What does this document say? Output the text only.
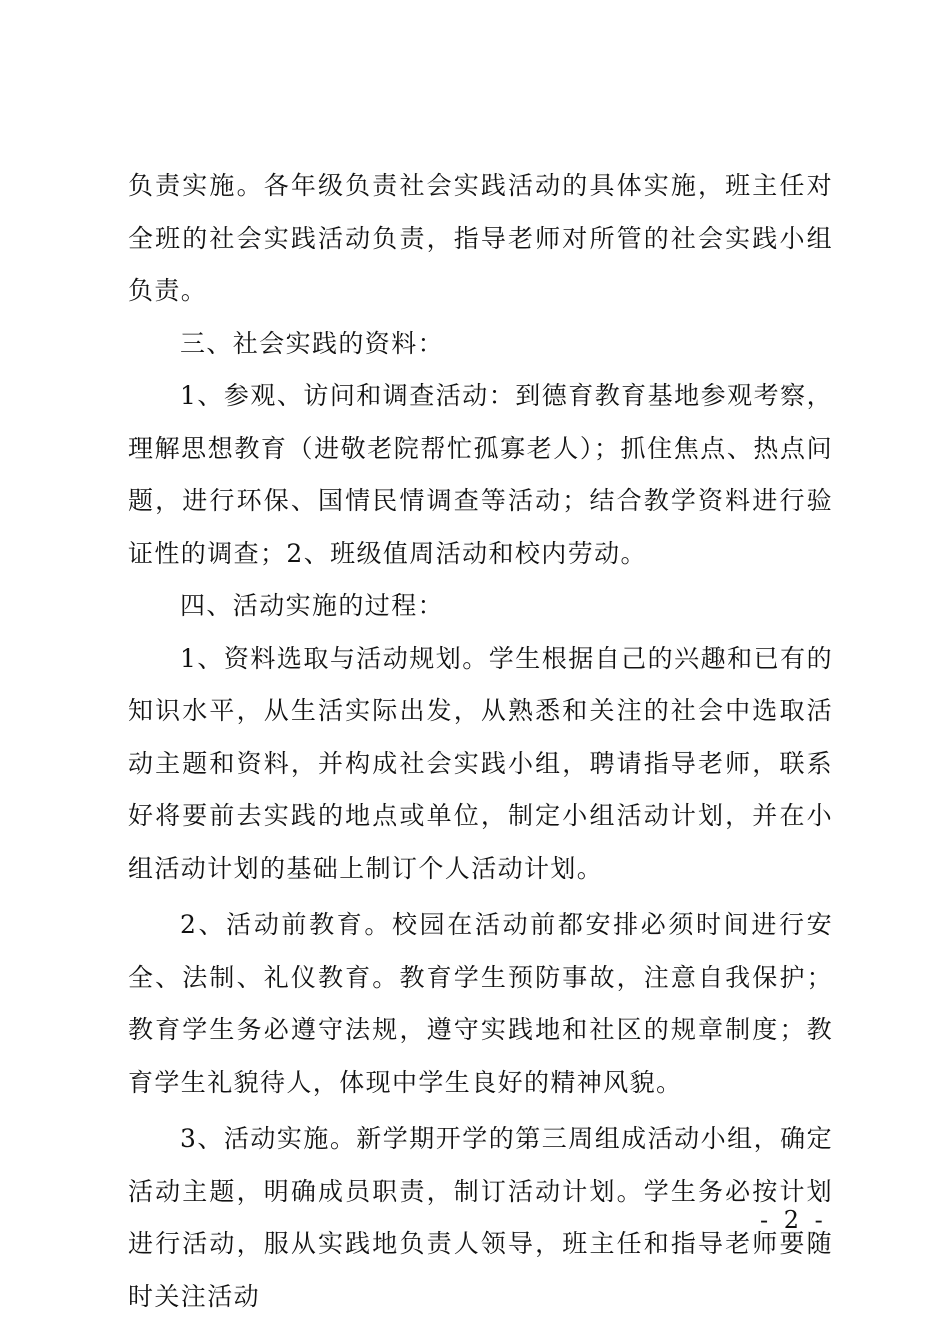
负责实施。各年级负责社会实践活动的具体实施，班主任对全班的社会实践活动负责，指导老师对所管的社会实践小组负责。

三、社会实践的资料：

1、参观、访问和调查活动：到德育教育基地参观考察，理解思想教育（进敬老院帮忙孤寡老人）；抓住焦点、热点问题，进行环保、国情民情调查等活动；结合教学资料进行验证性的调查；2、班级值周活动和校内劳动。

四、活动实施的过程：

1、资料选取与活动规划。学生根据自己的兴趣和已有的知识水平，从生活实际出发，从熟悉和关注的社会中选取活动主题和资料，并构成社会实践小组，聘请指导老师，联系好将要前去实践的地点或单位，制定小组活动计划，并在小组活动计划的基础上制订个人活动计划。

2、活动前教育。校园在活动前都安排必须时间进行安全、法制、礼仪教育。教育学生预防事故，注意自我保护；教育学生务必遵守法规，遵守实践地和社区的规章制度；教育学生礼貌待人，体现中学生良好的精神风貌。

3、活动实施。新学期开学的第三周组成活动小组，确定活动主题，明确成员职责，制订活动计划。学生务必按计划进行活动，服从实践地负责人领导，班主任和指导老师要随时关注活动

- 2 -
